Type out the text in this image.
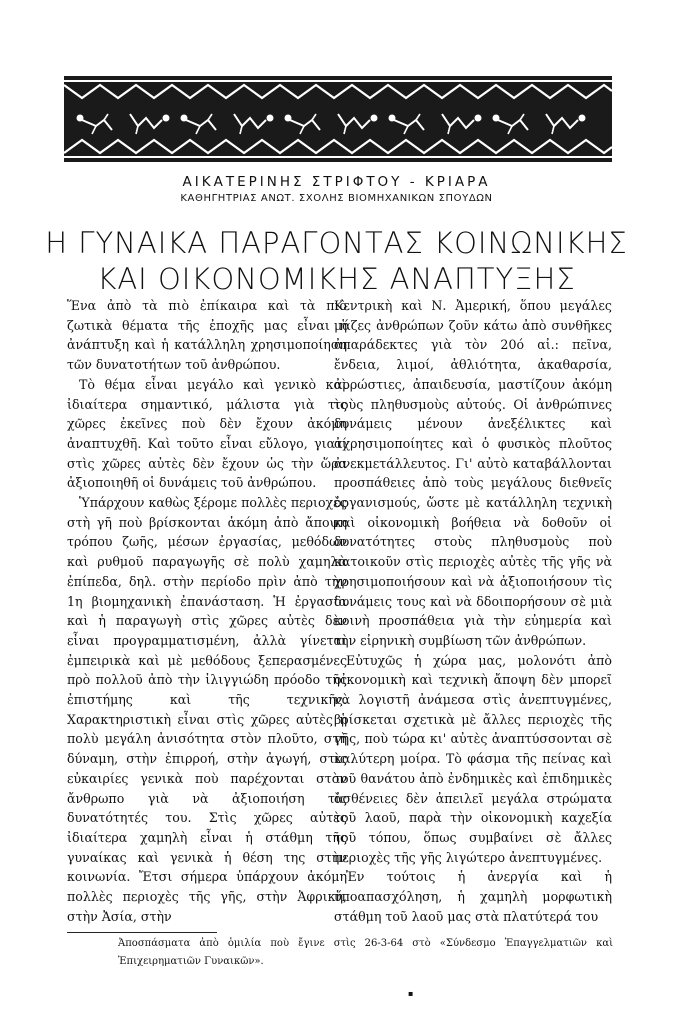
ΑΙΚΑΤΕΡΙΝΗΣ ΣΤΡΙΦΤΟΥ - ΚΡΙΑΡΑ
ΚΑΘΗΓΗΤΡΙΑΣ ΑΝΩΤ. ΣΧΟΛΗΣ ΒΙΟΜΗΧΑΝΙΚΩΝ ΣΠΟΥΔΩΝ
Η ΓΥΝΑΙΚΑ ΠΑΡΑΓΟΝΤΑΣ ΚΟΙΝΩΝΙΚΗΣ
ΚΑΙ ΟΙΚΟΝΟΜΙΚΗΣ ΑΝΑΠΤΥΞΗΣ

Ἕνα ἀπὸ τὰ πιὸ ἐπίκαιρα καὶ τὰ πιὸ ζωτικὰ θέματα τῆς ἐποχῆς μας εἶναι ἡ ἀνάπτυξη καὶ ἡ κατάλληλη χρησιμοποίηση τῶν δυνατοτήτων τοῦ ἀνθρώπου.

Τὸ θέμα εἶναι μεγάλο καὶ γενικὸ καὶ ἰδιαίτερα σημαντικό, μάλιστα γιὰ τὶς χῶρες ἐκεῖνες ποὺ δὲν ἔχουν ἀκόμη ἀναπτυχθῆ. Καὶ τοῦτο εἶναι εὔλογο, γιατί στὶς χῶρες αὐτὲς δὲν ἔχουν ὡς τὴν ὥρα ἀξιοποιηθῆ οἱ δυνάμεις τοῦ ἀνθρώπου.

Ὑπάρχουν καθὼς ξέρομε πολλὲς περιοχὲς στὴ γῆ ποὺ βρίσκονται ἀκόμη ἀπὸ ἄποψη τρόπου ζωῆς, μέσων ἐργασίας, μεθόδων καὶ ρυθμοῦ παραγωγῆς σὲ πολὺ χαμηλὰ ἐπίπεδα, δηλ. στὴν περίοδο πρὶν ἀπὸ τὴν 1η βιομηχανικὴ ἐπανάσταση. Ἡ ἐργασία καὶ ἡ παραγωγὴ στὶς χῶρες αὐτὲς δὲν εἶναι προγραμματισμένη, ἀλλὰ γίνεται ἐμπειρικὰ καὶ μὲ μεθόδους ξεπερασμένες πρὸ πολλοῦ ἀπὸ τὴν ἰλιγγιώδη πρόοδο τῆς ἐπιστήμης καὶ τῆς τεχνικῆς. Χαρακτηριστικὴ εἶναι στὶς χῶρες αὐτὲς ἡ πολὺ μεγάλη ἀνισότητα στὸν πλοῦτο, στὴ δύναμη, στὴν ἐπιρροή, στὴν ἀγωγή, στὶς εὐκαιρίες γενικὰ ποὺ παρέχονται στὸν ἄνθρωπο γιὰ νὰ ἀξιοποιήση τὶς δυνατότητές του. Στὶς χῶρες αὐτὲς ἰδιαίτερα χαμηλὴ εἶναι ἡ στάθμη τῆς γυναίκας καὶ γενικὰ ἡ θέση της στὴν κοινωνία. Ἔτσι σήμερα ὑπάρχουν ἀκόμη πολλὲς περιοχὲς τῆς γῆς, στὴν Ἀφρική, στὴν Ἀσία, στὴν

Κεντρικὴ καὶ Ν. Ἀμερική, ὅπου μεγάλες μάζες ἀνθρώπων ζοῦν κάτω ἀπὸ συνθῆκες ἀπαράδεκτες γιὰ τὸν 20ό αἰ.: πεῖνα, ἔνδεια, λιμοί, ἀθλιότητα, ἀκαθαρσία, ἀρρώστιες, ἀπαιδευσία, μαστίζουν ἀκόμη τοὺς πληθυσμοὺς αὐτούς. Οἱ ἀνθρώπινες δυνάμεις μένουν ἀνεξέλικτες καὶ ἀχρησιμοποίητες καὶ ὁ φυσικὸς πλοῦτος ἀνεκμετάλλευτος. Γι' αὐτὸ καταβάλλονται προσπάθειες ἀπὸ τοὺς μεγάλους διεθνεῖς ὀργανισμούς, ὥστε μὲ κατάλληλη τεχνικὴ καὶ οἰκονομικὴ βοήθεια νὰ δοθοῦν οἱ δυνατότητες στοὺς πληθυσμοὺς ποὺ κατοικοῦν στὶς περιοχὲς αὐτὲς τῆς γῆς νὰ χρησιμοποιήσουν καὶ νὰ ἀξιοποιήσουν τὶς δυνάμεις τους καὶ νὰ δδοιπορήσουν σὲ μιὰ κοινὴ προσπάθεια γιὰ τὴν εὐημερία καὶ τὴν εἰρηνικὴ συμβίωση τῶν ἀνθρώπων.

Εὐτυχῶς ἡ χώρα μας, μολονότι ἀπὸ οἰκονομικὴ καὶ τεχνικὴ ἄποψη δὲν μπορεῖ νὰ λογιστῆ ἀνάμεσα στὶς ἀνεπτυγμένες, βρίσκεται σχετικὰ μὲ ἄλλες περιοχὲς τῆς γῆς, ποὺ τώρα κι' αὐτὲς ἀναπτύσσονται σὲ καλύτερη μοίρα. Τὸ φάσμα τῆς πείνας καὶ τοῦ θανάτου ἀπὸ ἐνδημικὲς καὶ ἐπιδημικὲς ἀσθένειες δὲν ἀπειλεῖ μεγάλα στρώματα τοῦ λαοῦ, παρὰ τὴν οἰκονομικὴ καχεξία τοῦ τόπου, ὅπως συμβαίνει σὲ ἄλλες περιοχὲς τῆς γῆς λιγώτερο ἀνεπτυγμένες.

Ἐν τούτοις ἡ ἀνεργία καὶ ἡ ὑποαπασχόληση, ἡ χαμηλὴ μορφωτικὴ στάθμη τοῦ λαοῦ μας στὰ πλατύτερά του

Ἀποσπάσματα ἀπὸ ὁμιλία ποὺ ἔγινε στὶς 26-3-64 στὸ «Σύνδεσμο Ἐπαγγελματιῶν καὶ Ἐπιχειρηματιῶν Γυναικῶν».
▪
